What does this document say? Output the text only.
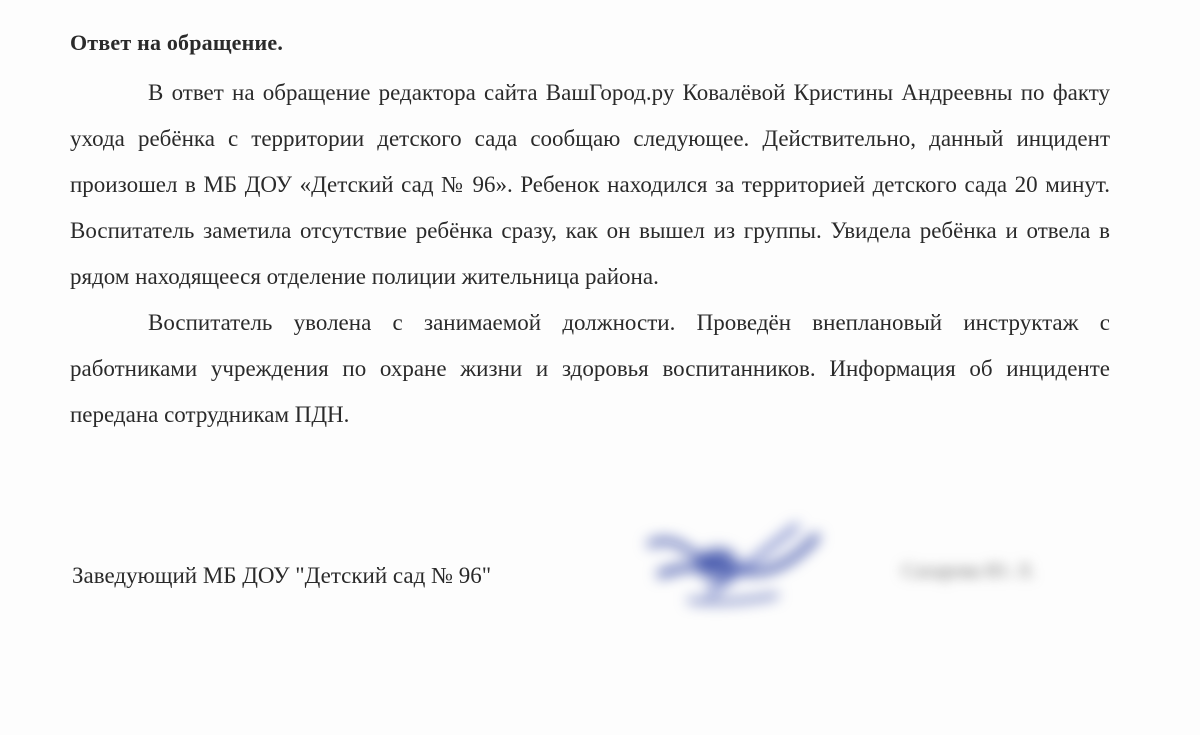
Ответ на обращение.

В ответ на обращение редактора сайта ВашГород.ру Ковалёвой Кристины Андреевны по факту ухода ребёнка с территории детского сада сообщаю следующее. Действительно, данный инцидент произошел в МБ ДОУ «Детский сад № 96». Ребенок находился за территорией детского сада 20 минут. Воспитатель заметила отсутствие ребёнка сразу, как он вышел из группы. Увидела ребёнка и отвела в рядом находящееся отделение полиции жительница района.

Воспитатель уволена с занимаемой должности. Проведён внеплановый инструктаж с работниками учреждения по охране жизни и здоровья воспитанников. Информация об инциденте передана сотрудникам ПДН.

Заведующий МБ ДОУ "Детский сад № 96"	Сахарова Ю. Л.
